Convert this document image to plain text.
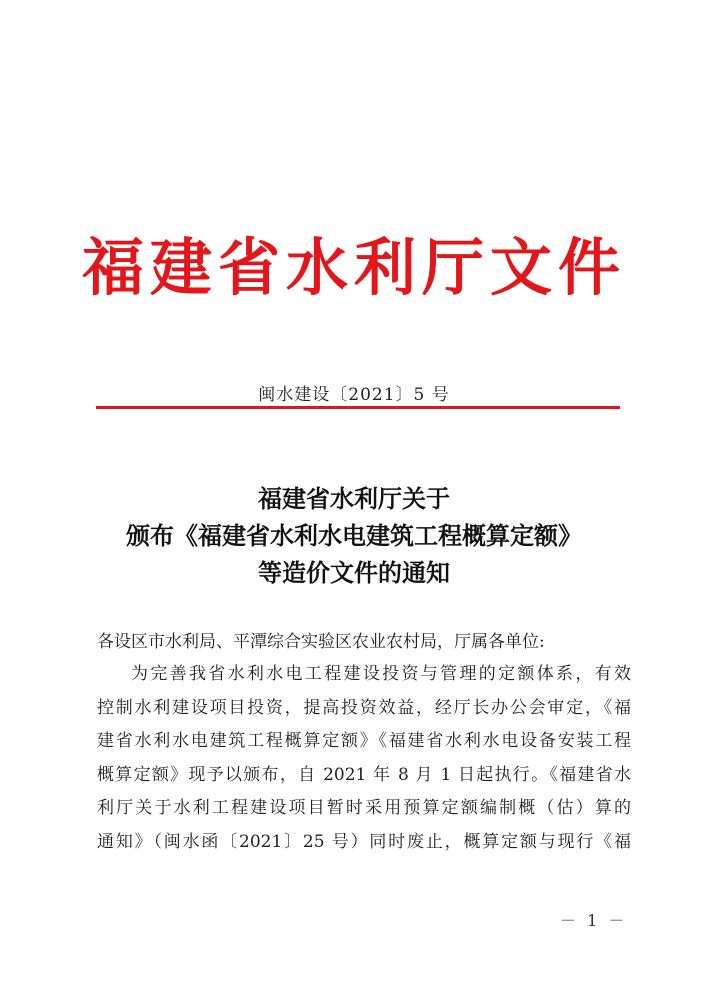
福建省水利厅文件
闽水建设〔2021〕5 号
福建省水利厅关于
颁布《福建省水利水电建筑工程概算定额》
等造价文件的通知
各设区市水利局、平潭综合实验区农业农村局，厅属各单位:
为完善我省水利水电工程建设投资与管理的定额体系，有效
控制水利建设项目投资，提高投资效益，经厅长办公会审定，《福
建省水利水电建筑工程概算定额》《福建省水利水电设备安装工程
概算定额》现予以颁布，自 2021 年 8 月 1 日起执行。《福建省水
利厅关于水利工程建设项目暂时采用预算定额编制概（估）算的
通知》（闽水函〔2021〕25 号）同时废止，概算定额与现行《福
－ 1 －
